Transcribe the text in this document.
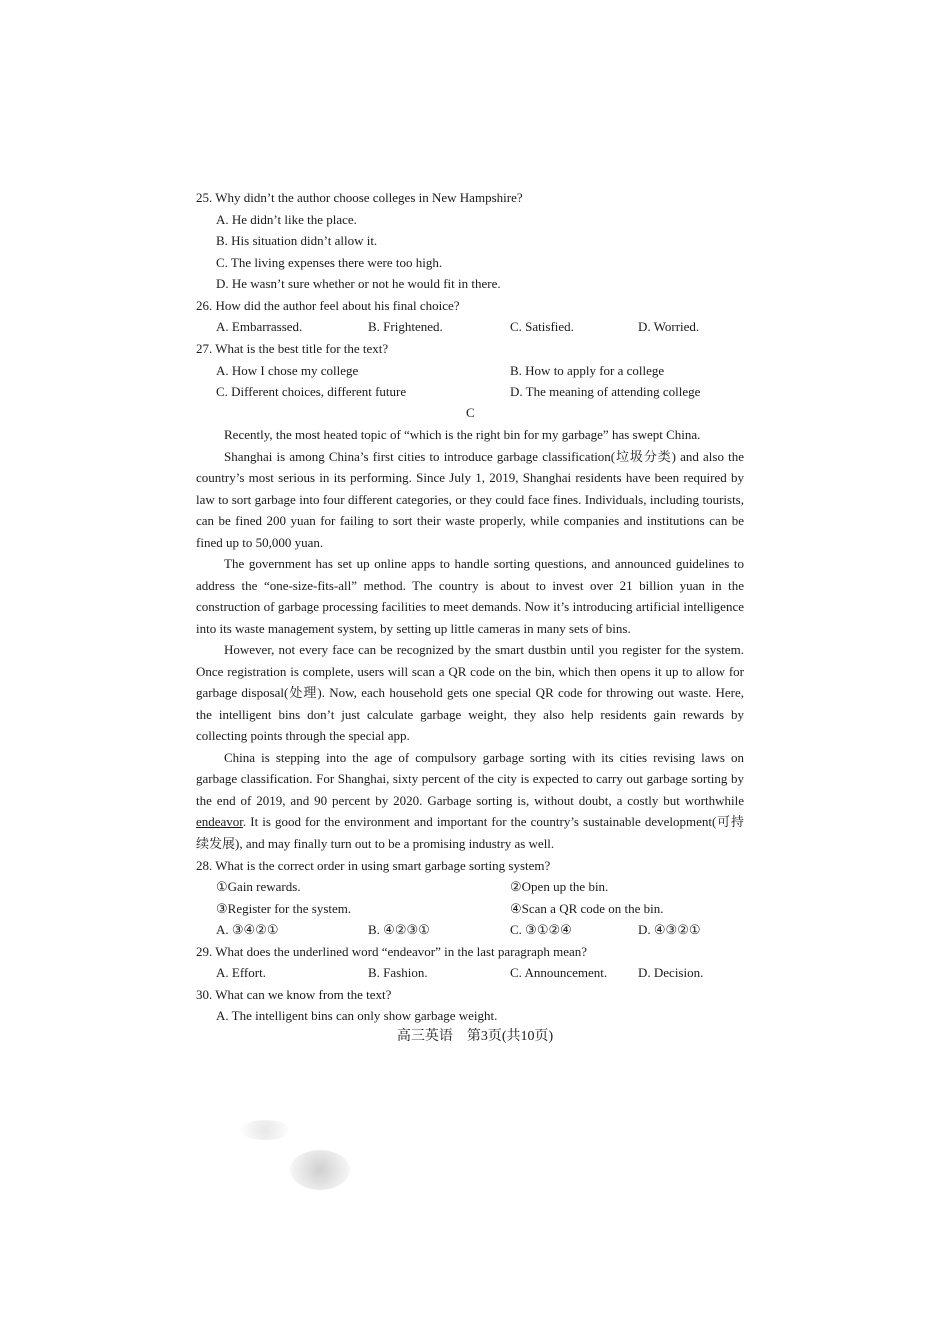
25. Why didn’t the author choose colleges in New Hampshire?
A. He didn’t like the place.
B. His situation didn’t allow it.
C. The living expenses there were too high.
D. He wasn’t sure whether or not he would fit in there.
26. How did the author feel about his final choice?
A. Embarrassed.	B. Frightened.	C. Satisfied.	D. Worried.
27. What is the best title for the text?
A. How I chose my college	B. How to apply for a college
C. Different choices, different future	D. The meaning of attending college
C

Recently, the most heated topic of “which is the right bin for my garbage” has swept China.

Shanghai is among China’s first cities to introduce garbage classification(垃圾分类) and also the country’s most serious in its performing. Since July 1, 2019, Shanghai residents have been required by law to sort garbage into four different categories, or they could face fines. Individuals, including tourists, can be fined 200 yuan for failing to sort their waste properly, while companies and institutions can be fined up to 50,000 yuan.

The government has set up online apps to handle sorting questions, and announced guidelines to address the “one-size-fits-all” method. The country is about to invest over 21 billion yuan in the construction of garbage processing facilities to meet demands. Now it’s introducing artificial intelligence into its waste management system, by setting up little cameras in many sets of bins.

However, not every face can be recognized by the smart dustbin until you register for the system. Once registration is complete, users will scan a QR code on the bin, which then opens it up to allow for garbage disposal(处理). Now, each household gets one special QR code for throwing out waste. Here, the intelligent bins don’t just calculate garbage weight, they also help residents gain rewards by collecting points through the special app.

China is stepping into the age of compulsory garbage sorting with its cities revising laws on garbage classification. For Shanghai, sixty percent of the city is expected to carry out garbage sorting by the end of 2019, and 90 percent by 2020. Garbage sorting is, without doubt, a costly but worthwhile endeavor. It is good for the environment and important for the country’s sustainable development(可持续发展), and may finally turn out to be a promising industry as well.

28. What is the correct order in using smart garbage sorting system?
①Gain rewards.	②Open up the bin.
③Register for the system.	④Scan a QR code on the bin.
A. ③④②①	B. ④②③①	C. ③①②④	D. ④③②①
29. What does the underlined word “endeavor” in the last paragraph mean?
A. Effort.	B. Fashion.	C. Announcement. D. Decision.
30. What can we know from the text?
A. The intelligent bins can only show garbage weight.
高三英语　第3页(共10页)
